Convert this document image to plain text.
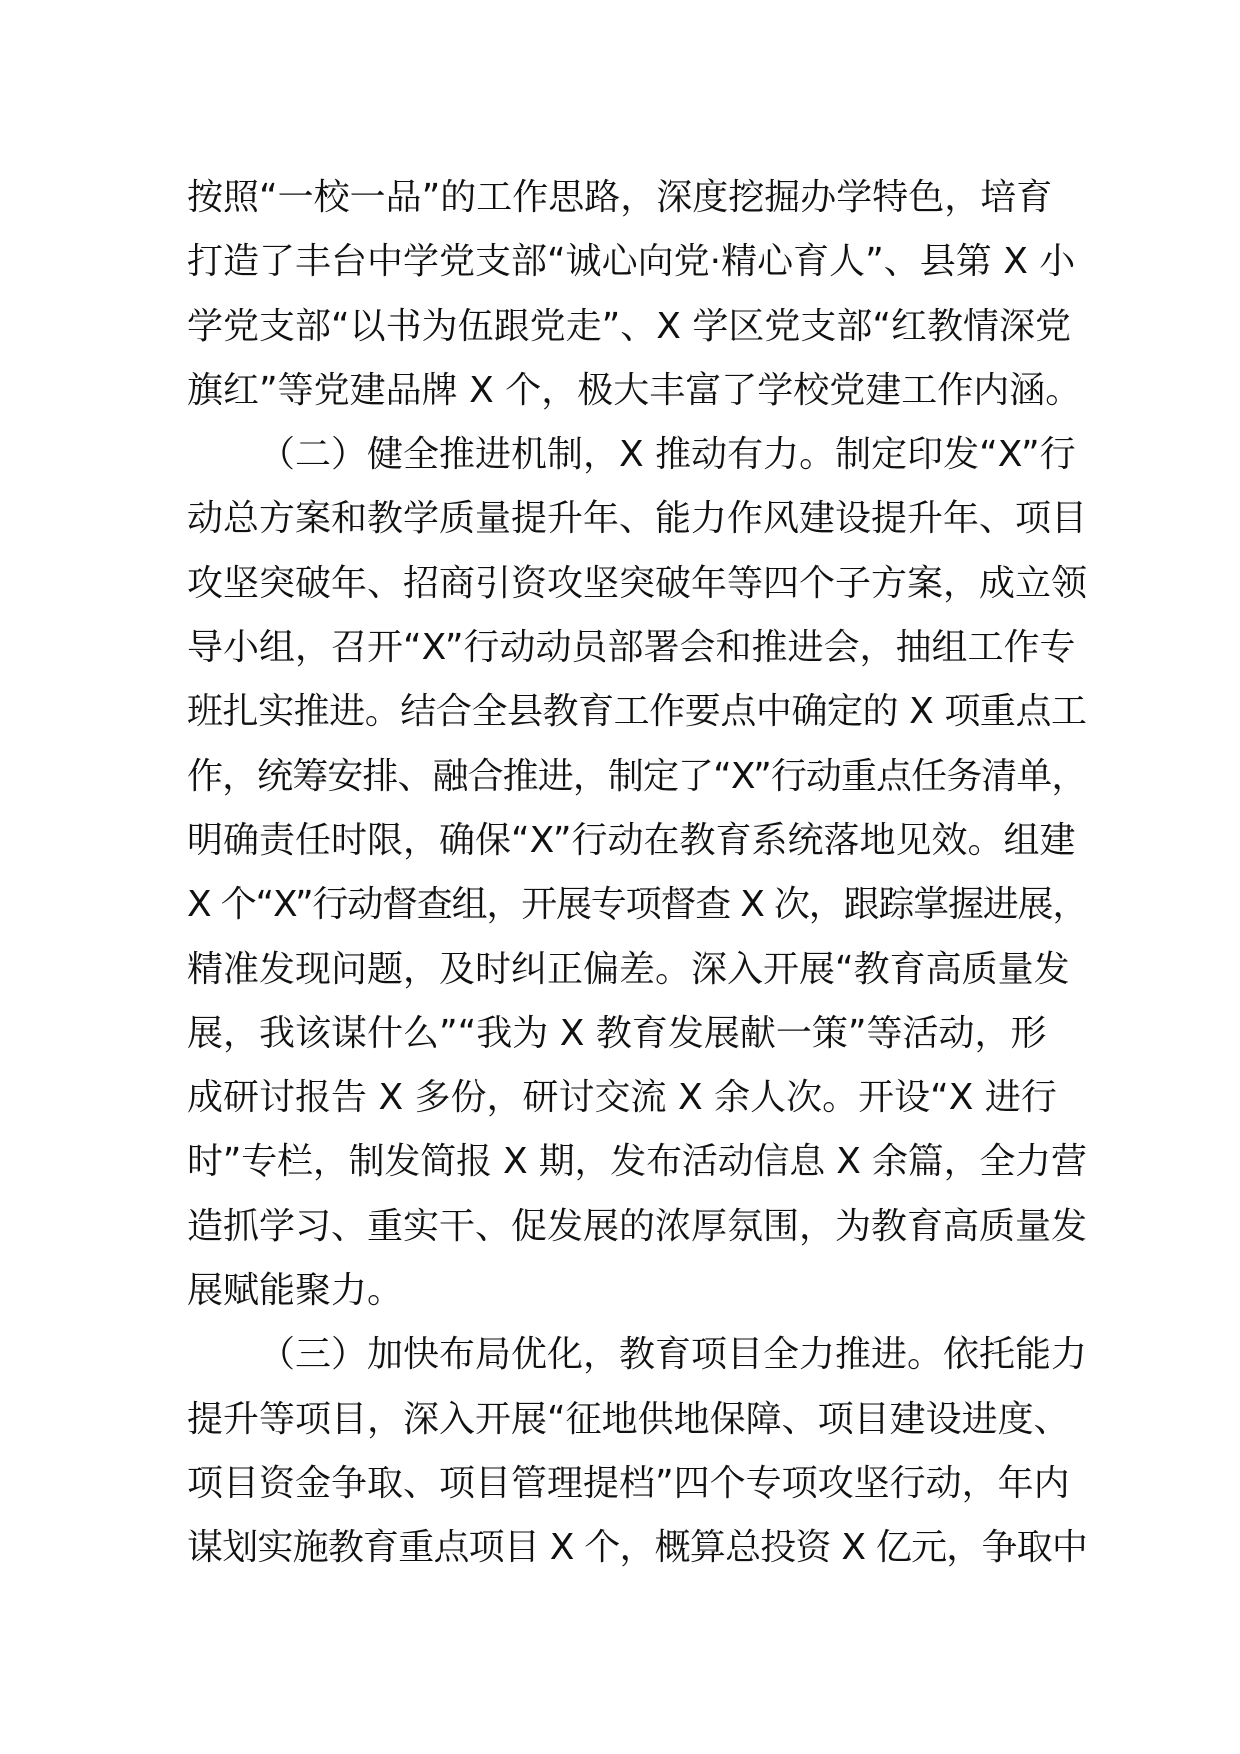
按照“一校一品”的工作思路，深度挖掘办学特色，培育
打造了丰台中学党支部“诚心向党·精心育人”、县第 X 小
学党支部“以书为伍跟党走”、X 学区党支部“红教情深党
旗红”等党建品牌 X 个，极大丰富了学校党建工作内涵。
（二）健全推进机制，X 推动有力。制定印发“X”行
动总方案和教学质量提升年、能力作风建设提升年、项目
攻坚突破年、招商引资攻坚突破年等四个子方案，成立领
导小组，召开“X”行动动员部署会和推进会，抽组工作专
班扎实推进。结合全县教育工作要点中确定的 X 项重点工
作，统筹安排、融合推进，制定了“X”行动重点任务清单，
明确责任时限，确保“X”行动在教育系统落地见效。组建
X 个“X”行动督查组，开展专项督查 X 次，跟踪掌握进展，
精准发现问题，及时纠正偏差。深入开展“教育高质量发
展，我该谋什么”“我为 X 教育发展献一策”等活动，形
成研讨报告 X 多份，研讨交流 X 余人次。开设“X 进行
时”专栏，制发简报 X 期，发布活动信息 X 余篇，全力营
造抓学习、重实干、促发展的浓厚氛围，为教育高质量发
展赋能聚力。
（三）加快布局优化，教育项目全力推进。依托能力
提升等项目，深入开展“征地供地保障、项目建设进度、
项目资金争取、项目管理提档”四个专项攻坚行动，年内
谋划实施教育重点项目 X 个，概算总投资 X 亿元，争取中
